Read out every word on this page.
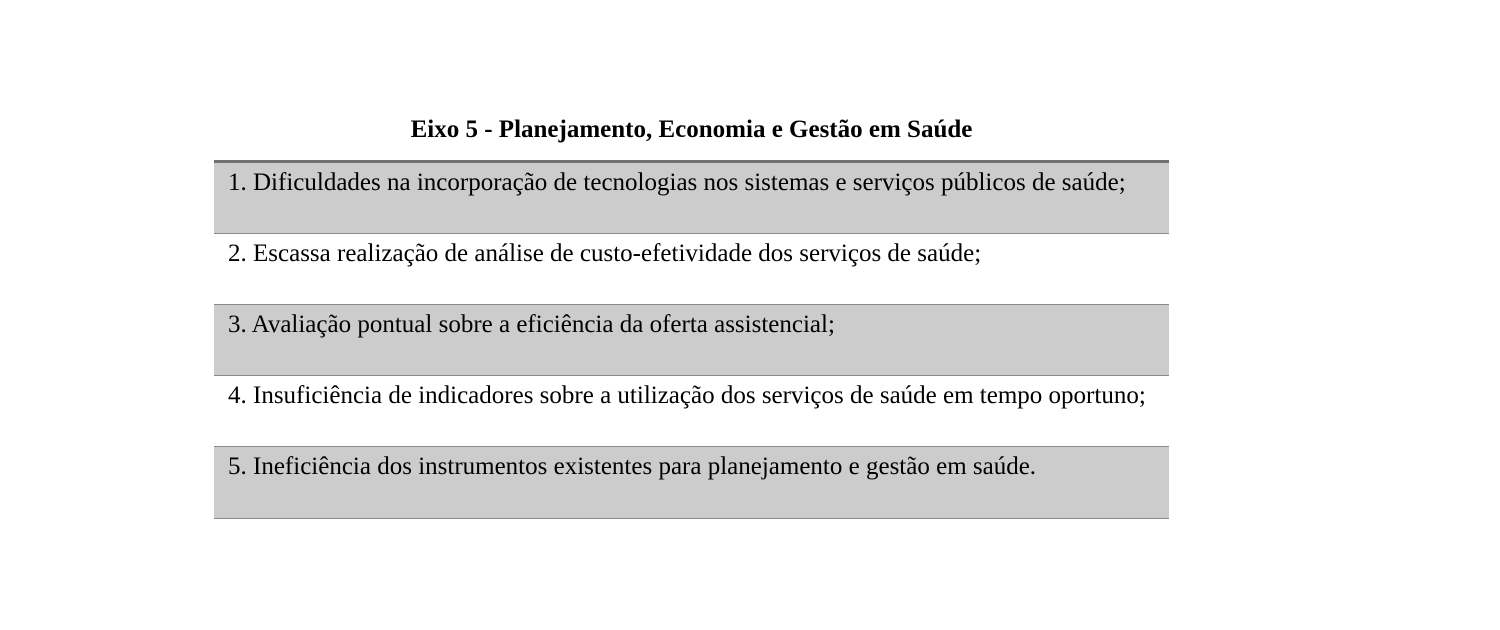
Eixo 5 - Planejamento, Economia e Gestão em Saúde
1. Dificuldades na incorporação de tecnologias nos sistemas e serviços públicos de saúde;
2. Escassa realização de análise de custo-efetividade dos serviços de saúde;
3. Avaliação pontual sobre a eficiência da oferta assistencial;
4. Insuficiência de indicadores sobre a utilização dos serviços de saúde em tempo oportuno;
5. Ineficiência dos instrumentos existentes para planejamento e gestão em saúde.
